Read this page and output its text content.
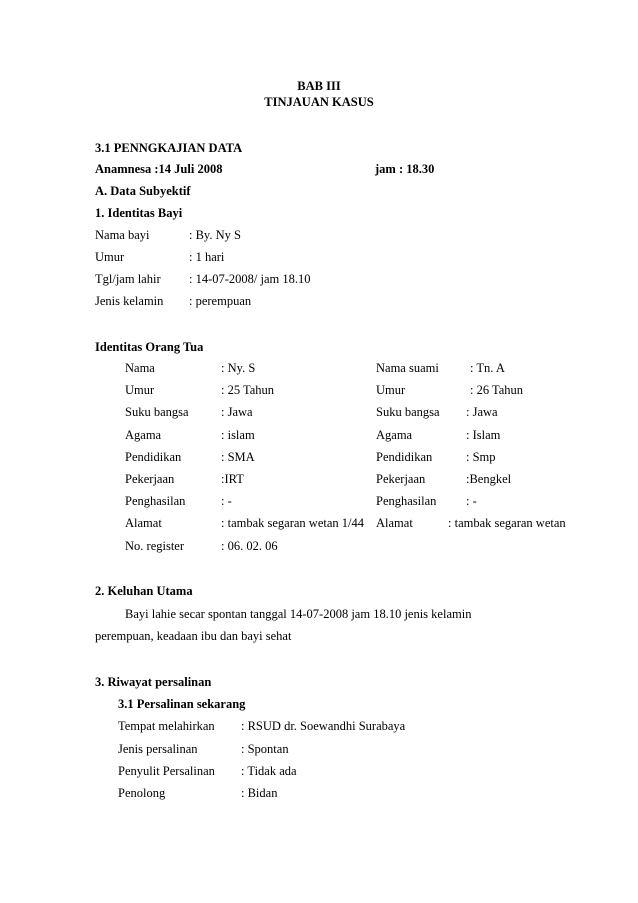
BAB III
TINJAUAN KASUS
3.1 PENNGKAJIAN DATA
Anamnesa :14 Juli 2008	jam : 18.30
A. Data Subyektif
1. Identitas Bayi
Nama bayi	: By. Ny S
Umur	: 1 hari
Tgl/jam lahir : 14-07-2008/ jam 18.10
Jenis kelamin : perempuan
Identitas Orang Tua
Nama	: Ny. S	Nama suami : Tn. A
Umur	: 25 Tahun	Umur	: 26 Tahun
Suku bangsa	: Jawa	Suku bangsa : Jawa
Agama	: islam	Agama	: Islam
Pendidikan	: SMA	Pendidikan	: Smp
Pekerjaan	:IRT	Pekerjaan	:Bengkel
Penghasilan	: -	Penghasilan : -
Alamat	: tambak segaran wetan 1/44 Alamat	: tambak segaran wetan
No. register	: 06. 02. 06
2. Keluhan Utama
Bayi lahie secar spontan tanggal 14-07-2008 jam 18.10 jenis kelamin
perempuan, keadaan ibu dan bayi sehat
3. Riwayat persalinan
3.1 Persalinan sekarang
Tempat melahirkan : RSUD dr. Soewandhi Surabaya
Jenis persalinan	: Spontan
Penyulit Persalinan : Tidak ada
Penolong	: Bidan
